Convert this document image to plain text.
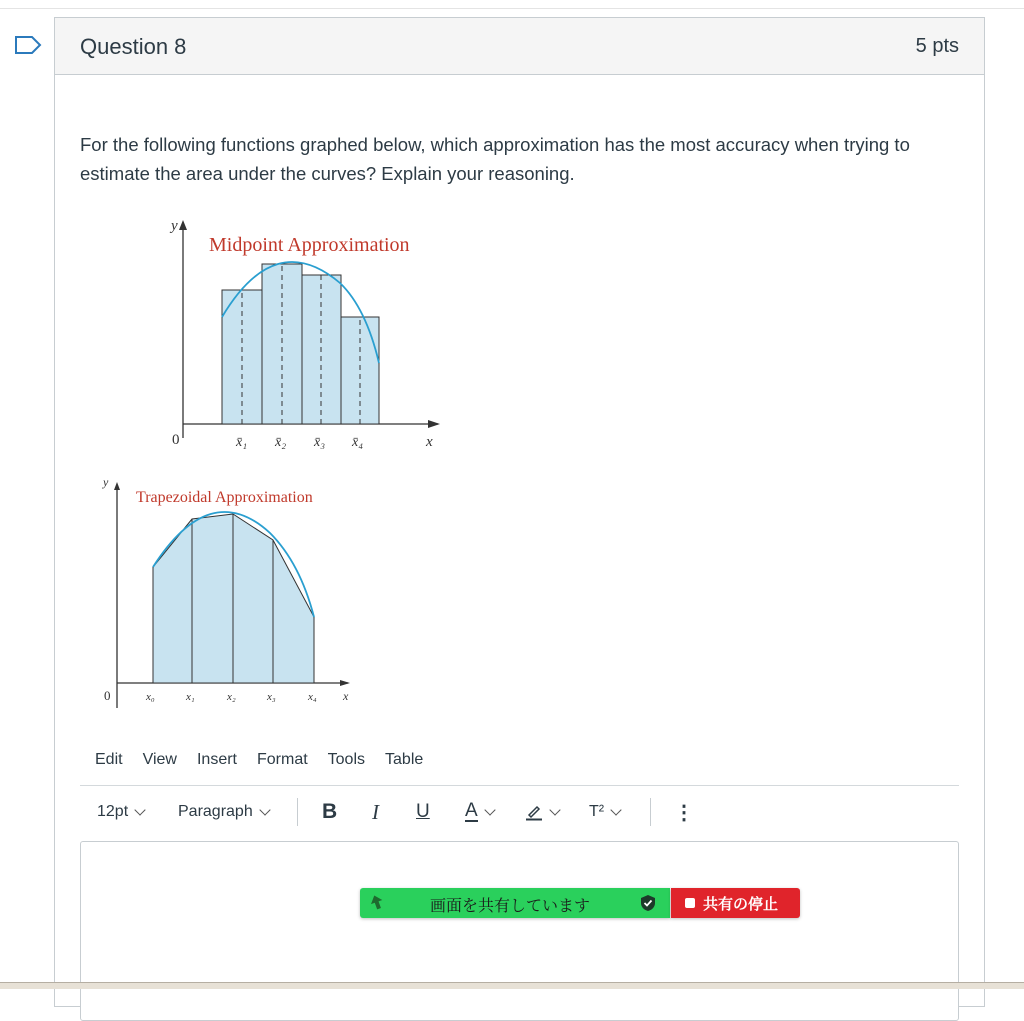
Question 8	5 pts
For the following functions graphed below, which approximation has the most accuracy when trying to estimate the area under the curves? Explain your reasoning.
y
Midpoint Approximation
0	x̄₁ x̄₂ x̄₃ x̄₄	x
y
Trapezoidal Approximation
0	x₀	x₁	x₂	x₃	x₄ x
Edit View Insert Format Tools Table
12pt	Paragraph	B I U A	T²	⋮
画面を共有しています	共有の停止
